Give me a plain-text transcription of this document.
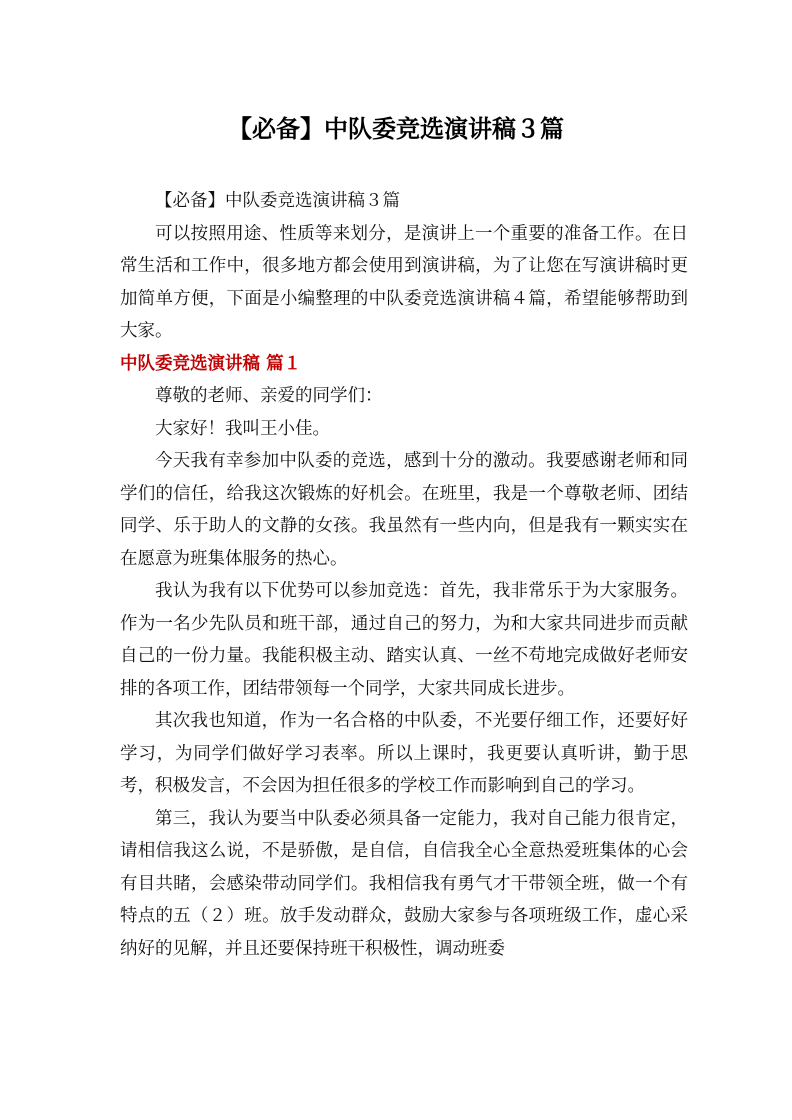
【必备】中队委竞选演讲稿３篇

【必备】中队委竞选演讲稿３篇

可以按照用途、性质等来划分，是演讲上一个重要的准备工作。在日常生活和工作中，很多地方都会使用到演讲稿，为了让您在写演讲稿时更加简单方便，下面是小编整理的中队委竞选演讲稿４篇，希望能够帮助到大家。

中队委竞选演讲稿 篇１

尊敬的老师、亲爱的同学们：

大家好！我叫王小佳。

今天我有幸参加中队委的竞选，感到十分的激动。我要感谢老师和同学们的信任，给我这次锻炼的好机会。在班里，我是一个尊敬老师、团结同学、乐于助人的文静的女孩。我虽然有一些内向，但是我有一颗实实在在愿意为班集体服务的热心。

我认为我有以下优势可以参加竞选：首先，我非常乐于为大家服务。作为一名少先队员和班干部，通过自己的努力，为和大家共同进步而贡献自己的一份力量。我能积极主动、踏实认真、一丝不苟地完成做好老师安排的各项工作，团结带领每一个同学，大家共同成长进步。

其次我也知道，作为一名合格的中队委，不光要仔细工作，还要好好学习，为同学们做好学习表率。所以上课时，我更要认真听讲，勤于思考，积极发言，不会因为担任很多的学校工作而影响到自己的学习。

第三，我认为要当中队委必须具备一定能力，我对自己能力很肯定，请相信我这么说，不是骄傲，是自信，自信我全心全意热爱班集体的心会有目共睹，会感染带动同学们。我相信我有勇气才干带领全班，做一个有特点的五（２）班。放手发动群众，鼓励大家参与各项班级工作，虚心采纳好的见解，并且还要保持班干积极性，调动班委
